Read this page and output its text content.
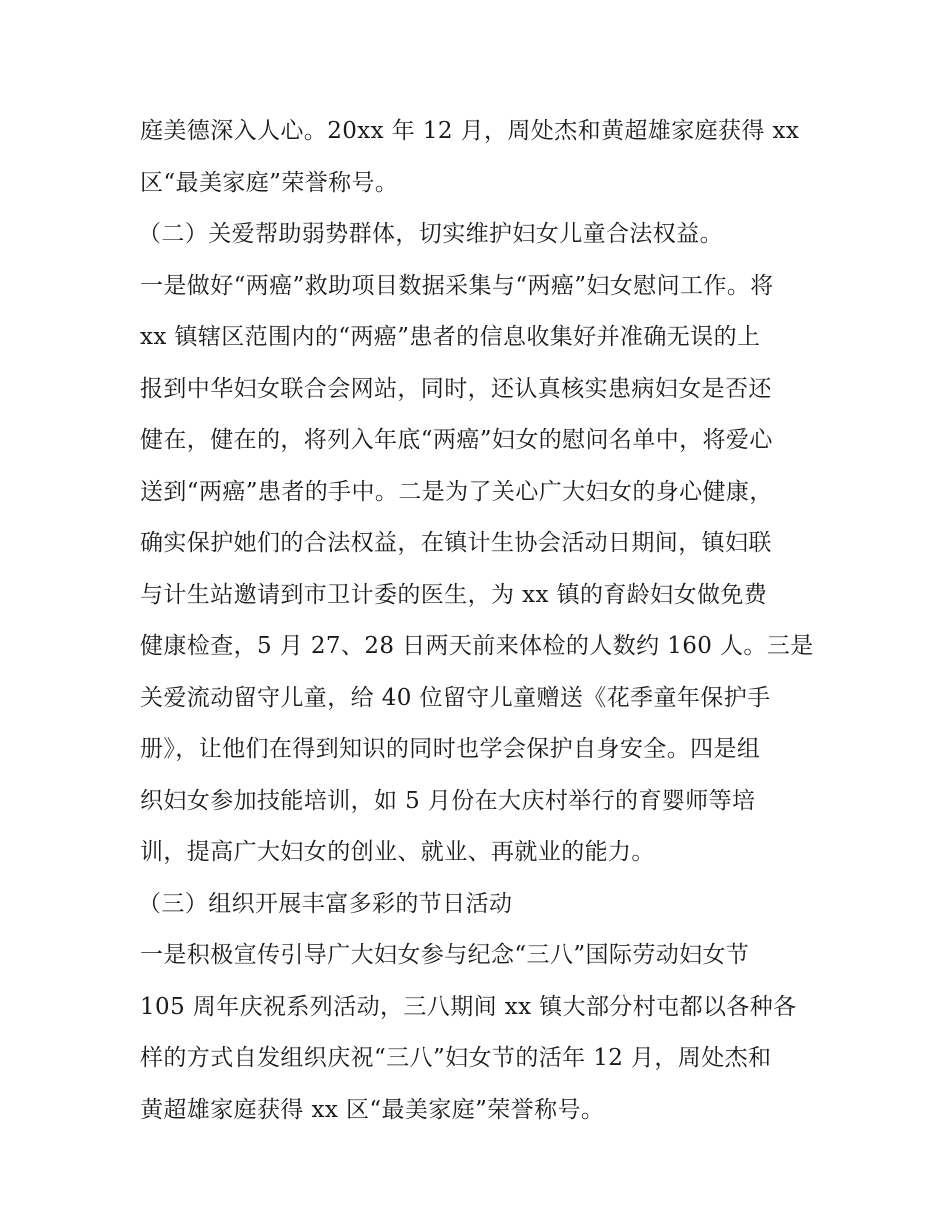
庭美德深入人心。20xx 年 12 月，周处杰和黄超雄家庭获得 xx
区“最美家庭”荣誉称号。
（二）关爱帮助弱势群体，切实维护妇女儿童合法权益。
一是做好“两癌”救助项目数据采集与“两癌”妇女慰问工作。将
xx 镇辖区范围内的“两癌”患者的信息收集好并准确无误的上
报到中华妇女联合会网站，同时，还认真核实患病妇女是否还
健在，健在的，将列入年底“两癌”妇女的慰问名单中，将爱心
送到“两癌”患者的手中。二是为了关心广大妇女的身心健康，
确实保护她们的合法权益，在镇计生协会活动日期间，镇妇联
与计生站邀请到市卫计委的医生，为 xx 镇的育龄妇女做免费
健康检查，5 月 27、28 日两天前来体检的人数约 160 人。三是
关爱流动留守儿童，给 40 位留守儿童赠送《花季童年保护手
册》，让他们在得到知识的同时也学会保护自身安全。四是组
织妇女参加技能培训，如 5 月份在大庆村举行的育婴师等培
训，提高广大妇女的创业、就业、再就业的能力。
（三）组织开展丰富多彩的节日活动
一是积极宣传引导广大妇女参与纪念“三八”国际劳动妇女节
105 周年庆祝系列活动，三八期间 xx 镇大部分村屯都以各种各
样的方式自发组织庆祝“三八”妇女节的活年 12 月，周处杰和
黄超雄家庭获得 xx 区“最美家庭”荣誉称号。
